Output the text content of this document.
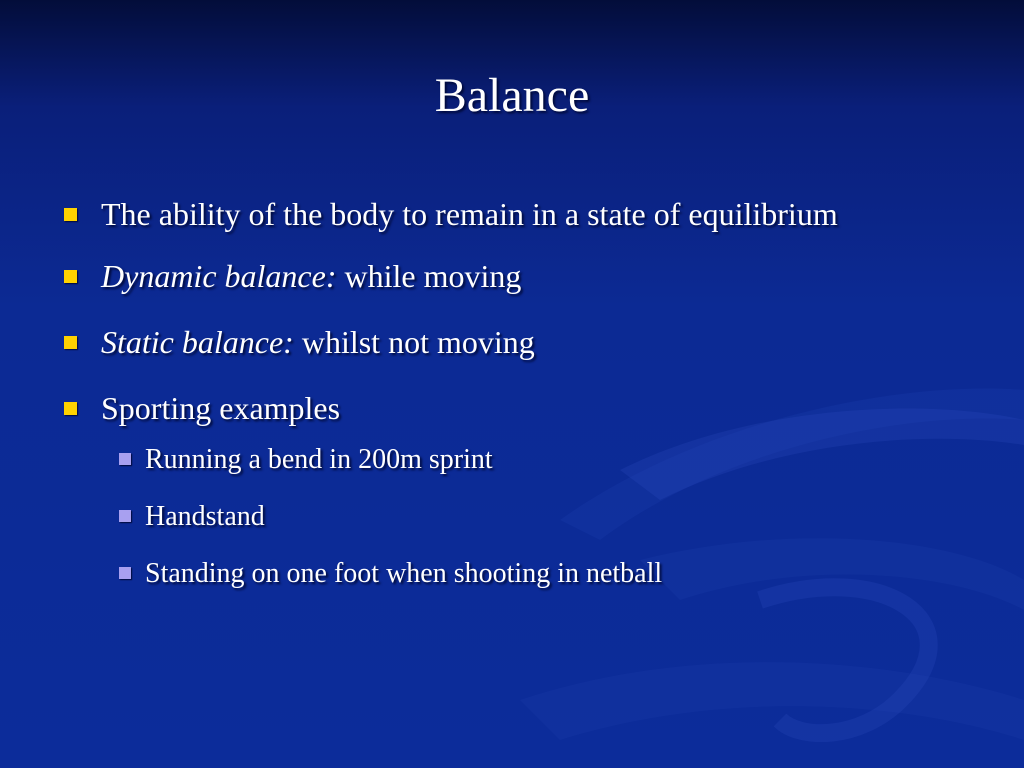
Balance
The ability of the body to remain in a state of equilibrium
Dynamic balance: while moving
Static balance: whilst not moving
Sporting examples
Running a bend in 200m sprint
Handstand
Standing on one foot when shooting in netball
